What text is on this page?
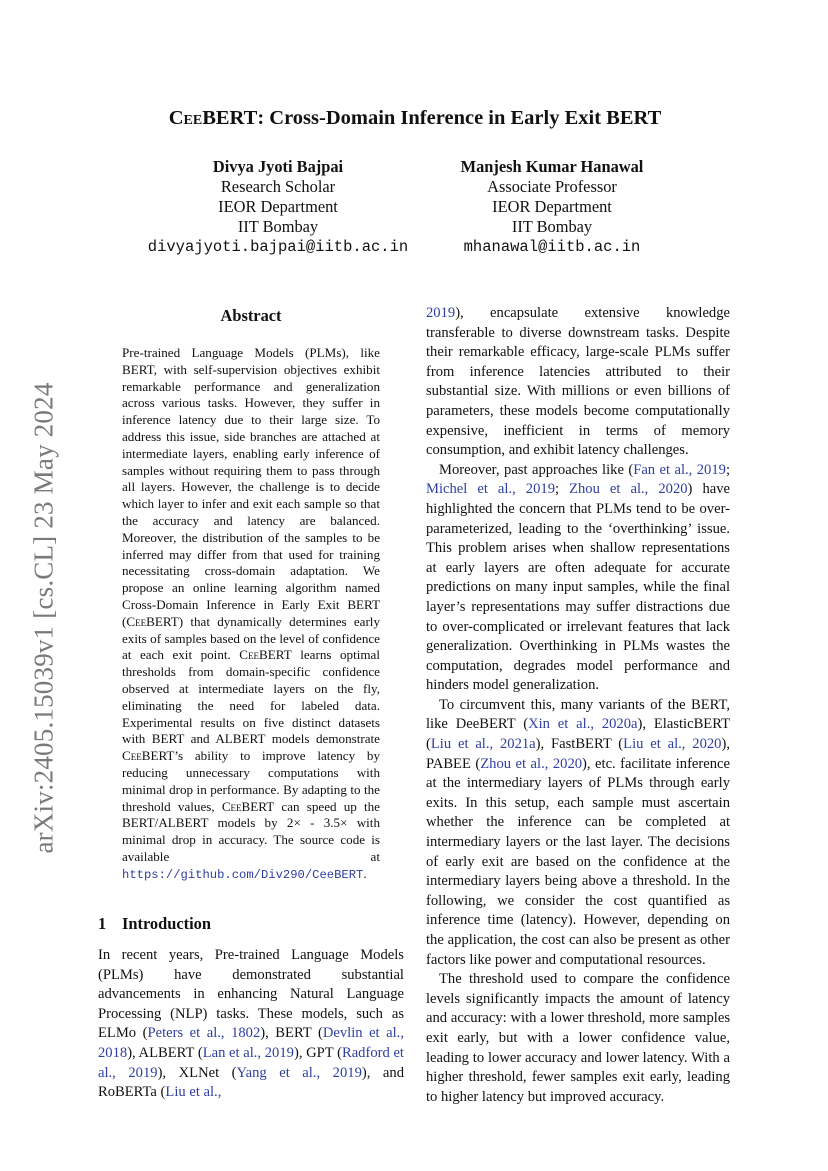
arXiv:2405.15039v1 [cs.CL] 23 May 2024
CeeBERT: Cross-Domain Inference in Early Exit BERT
Divya Jyoti Bajpai
Research Scholar
IEOR Department
IIT Bombay
divyajyoti.bajpai@iitb.ac.in
Manjesh Kumar Hanawal
Associate Professor
IEOR Department
IIT Bombay
mhanawal@iitb.ac.in
Abstract
Pre-trained Language Models (PLMs), like BERT, with self-supervision objectives exhibit remarkable performance and generalization across various tasks. However, they suffer in inference latency due to their large size. To address this issue, side branches are attached at intermediate layers, enabling early inference of samples without requiring them to pass through all layers. However, the challenge is to decide which layer to infer and exit each sample so that the accuracy and latency are balanced. Moreover, the distribution of the samples to be inferred may differ from that used for training necessitating cross-domain adaptation. We propose an online learning algorithm named Cross-Domain Inference in Early Exit BERT (CeeBERT) that dynamically determines early exits of samples based on the level of confidence at each exit point. CeeBERT learns optimal thresholds from domain-specific confidence observed at intermediate layers on the fly, eliminating the need for labeled data. Experimental results on five distinct datasets with BERT and ALBERT models demonstrate CeeBERT’s ability to improve latency by reducing unnecessary computations with minimal drop in performance. By adapting to the threshold values, CeeBERT can speed up the BERT/ALBERT models by 2× - 3.5× with minimal drop in accuracy. The source code is available at https://github.com/Div290/CeeBERT.
1 Introduction

In recent years, Pre-trained Language Models (PLMs) have demonstrated substantial advancements in enhancing Natural Language Processing (NLP) tasks. These models, such as ELMo (Peters et al., 1802), BERT (Devlin et al., 2018), ALBERT (Lan et al., 2019), GPT (Radford et al., 2019), XLNet (Yang et al., 2019), and RoBERTa (Liu et al.,

2019), encapsulate extensive knowledge transferable to diverse downstream tasks. Despite their remarkable efficacy, large-scale PLMs suffer from inference latencies attributed to their substantial size. With millions or even billions of parameters, these models become computationally expensive, inefficient in terms of memory consumption, and exhibit latency challenges.

Moreover, past approaches like (Fan et al., 2019; Michel et al., 2019; Zhou et al., 2020) have highlighted the concern that PLMs tend to be over-parameterized, leading to the ‘overthinking’ issue. This problem arises when shallow representations at early layers are often adequate for accurate predictions on many input samples, while the final layer’s representations may suffer distractions due to over-complicated or irrelevant features that lack generalization. Overthinking in PLMs wastes the computation, degrades model performance and hinders model generalization.

To circumvent this, many variants of the BERT, like DeeBERT (Xin et al., 2020a), ElasticBERT (Liu et al., 2021a), FastBERT (Liu et al., 2020), PABEE (Zhou et al., 2020), etc. facilitate inference at the intermediary layers of PLMs through early exits. In this setup, each sample must ascertain whether the inference can be completed at intermediary layers or the last layer. The decisions of early exit are based on the confidence at the intermediary layers being above a threshold. In the following, we consider the cost quantified as inference time (latency). However, depending on the application, the cost can also be present as other factors like power and computational resources.

The threshold used to compare the confidence levels significantly impacts the amount of latency and accuracy: with a lower threshold, more samples exit early, but with a lower confidence value, leading to lower accuracy and lower latency. With a higher threshold, fewer samples exit early, leading to higher latency but improved accuracy.
